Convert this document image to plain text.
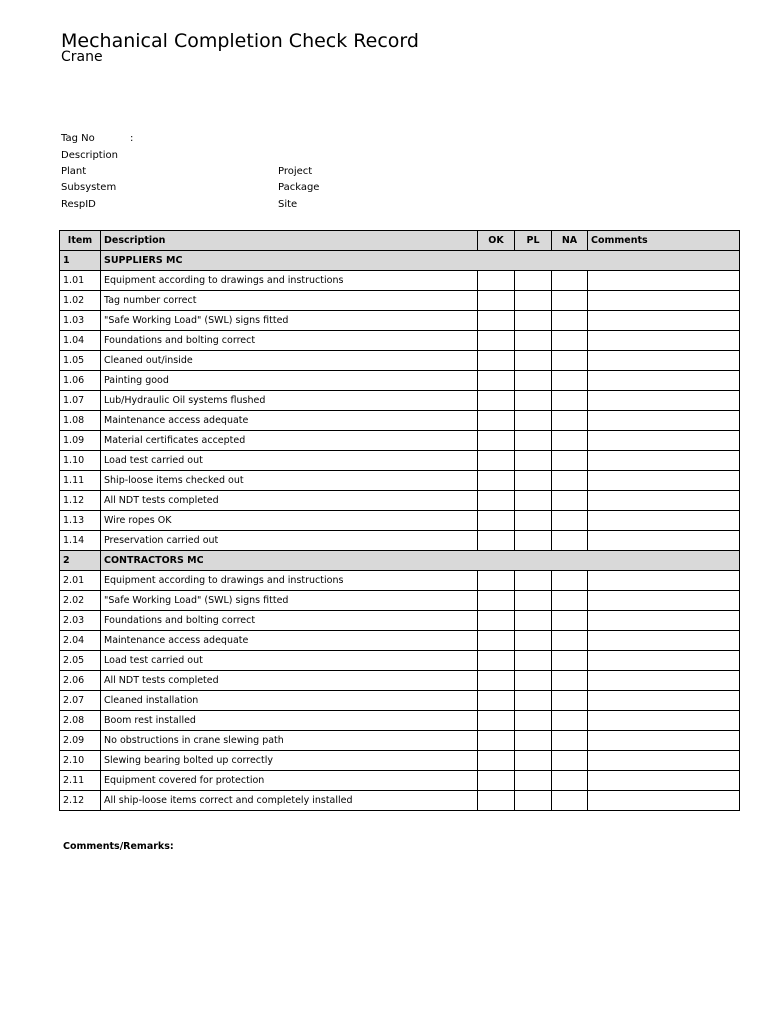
Mechanical Completion Check Record
Crane
Tag No	:
Description
Plant
Subsystem
RespID
Project
Package
Site
Item	Description	OK	PL	NA	Comments
1	SUPPLIERS MC				
1.01	Equipment according to drawings and instructions				
1.02	Tag number correct				
1.03	"Safe Working Load" (SWL) signs fitted				
1.04	Foundations and bolting correct				
1.05	Cleaned out/inside				
1.06	Painting good				
1.07	Lub/Hydraulic Oil systems flushed				
1.08	Maintenance access adequate				
1.09	Material certificates accepted				
1.10	Load test carried out				
1.11	Ship-loose items checked out				
1.12	All NDT tests completed				
1.13	Wire ropes OK				
1.14	Preservation carried out				
2	CONTRACTORS MC				
2.01	Equipment according to drawings and instructions				
2.02	"Safe Working Load" (SWL) signs fitted				
2.03	Foundations and bolting correct				
2.04	Maintenance access adequate				
2.05	Load test carried out				
2.06	All NDT tests completed				
2.07	Cleaned installation				
2.08	Boom rest installed				
2.09	No obstructions in crane slewing path				
2.10	Slewing bearing bolted up correctly				
2.11	Equipment covered for protection				
2.12	All ship-loose items correct and completely installed				
Comments/Remarks:
